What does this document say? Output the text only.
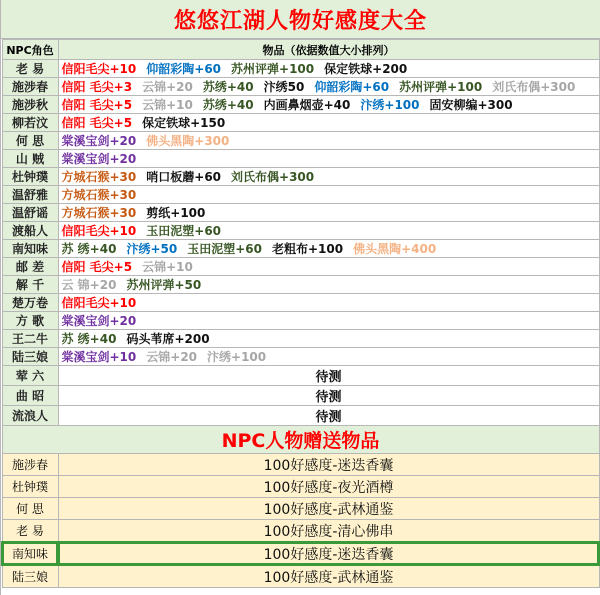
悠悠江湖人物好感度大全
NPC角色	物品（依据数值大小排列）
老 易	信阳毛尖+10 仰韶彩陶+60 苏州评弹+100 保定铁球+200
施涉春	信阳 毛尖+3 云锦+20 苏绣+40 汴绣50 仰韶彩陶+60 苏州评弹+100 刘氏布偶+300
施涉秋	信阳 毛尖+5 云锦+10 苏绣+40 内画鼻烟壶+40 汴绣+100 固安柳编+300
柳若汶	信阳 毛尖+5 保定铁球+150
何 思	棠溪宝剑+20 佛头黑陶+300
山 贼	棠溪宝剑+20
杜钟璞	方城石猴+30 哨口板蘑+60 刘氏布偶+300
温舒雅	方城石猴+30
温舒谣	方城石猴+30 剪纸+100
渡船人	信阳毛尖+10 玉田泥塑+60
南知味	苏 绣+40 汴绣+50 玉田泥塑+60 老粗布+100 佛头黑陶+400
邮 差	信阳 毛尖+5 云锦+10
解 千	云 锦+20 苏州评弹+50
楚万卷	信阳毛尖+10
方 歌	棠溪宝剑+20
王二牛	苏 绣+40 码头苇席+200
陆三娘	棠溪宝剑+10 云锦+20 汴绣+100
荤 六	待测
曲 昭	待测
流浪人	待测
NPC人物赠送物品	
施涉春	100好感度-迷迭香囊
杜钟璞	100好感度-夜光酒樽
何 思	100好感度-武林通鉴
老 易	100好感度-清心佛串
南知味	100好感度-迷迭香囊
陆三娘	100好感度-武林通鉴
